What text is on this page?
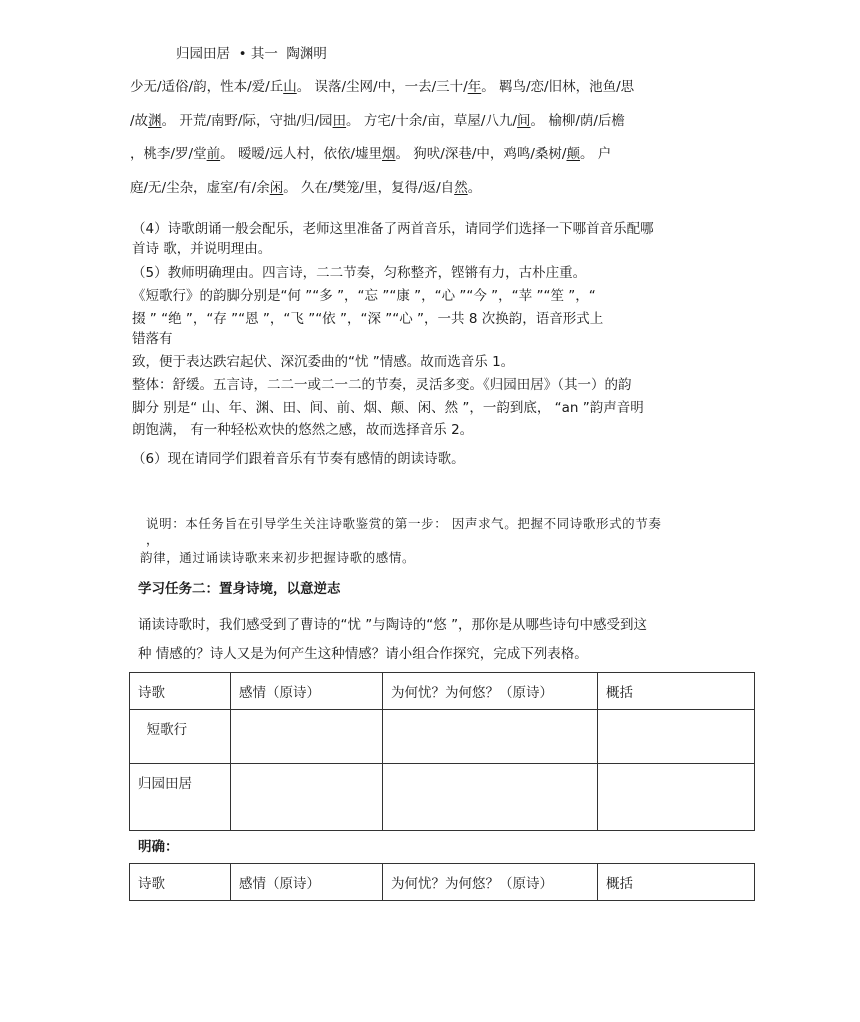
归园田居  • 其一  陶渊明
少无/适俗/韵，性本/爱/丘山。 误落/尘网/中，一去/三十/年。 羁鸟/恋/旧林，池鱼/思
/故渊。 开荒/南野/际，守拙/归/园田。 方宅/十余/亩，草屋/八九/间。 榆柳/荫/后檐
，桃李/罗/堂前。 暧暧/远人村，依依/墟里烟。 狗吠/深巷/中，鸡鸣/桑树/颠。 户
庭/无/尘杂，虚室/有/余闲。 久在/樊笼/里，复得/返/自然。
（4）诗歌朗诵一般会配乐，老师这里准备了两首音乐，请同学们选择一下哪首音乐配哪
首诗 歌，并说明理由。
（5）教师明确理由。四言诗，二二节奏，匀称整齐，铿锵有力，古朴庄重。
《短歌行》的韵脚分别是“何 ”“多 ”，“忘 ”“康 ”，“心 ”“今 ”，“苹 ”“笙 ”，“
掇 ” “绝 ”，“存 ”“恩 ”，“飞 ”“依 ”，“深 ”“心 ”，一共 8 次换韵，语音形式上
错落有
致，便于表达跌宕起伏、深沉委曲的“忧 ”情感。故而选音乐 1。
整体：舒缓。五言诗，二二一或二一二的节奏，灵活多变。《归园田居》（其一）的韵
脚分 别是“ 山、年、渊、田、间、前、烟、颠、闲、然 ”，一韵到底， “an ”韵声音明
朗饱满， 有一种轻松欢快的悠然之感，故而选择音乐 2。
（6）现在请同学们跟着音乐有节奏有感情的朗读诗歌。
说明：本任务旨在引导学生关注诗歌鉴赏的第一步： 因声求气。把握不同诗歌形式的节奏
，
韵律，通过诵读诗歌来来初步把握诗歌的感情。
学习任务二：置身诗境，以意逆志
诵读诗歌时，我们感受到了曹诗的“忧 ”与陶诗的“悠 ”，那你是从哪些诗句中感受到这
种 情感的？诗人又是为何产生这种情感？请小组合作探究，完成下列表格。
诗歌	感情（原诗）	为何忧？为何悠？（原诗）	概括
短歌行			
归园田居			
明确：
诗歌	感情（原诗）	为何忧？为何悠？（原诗）	概括
